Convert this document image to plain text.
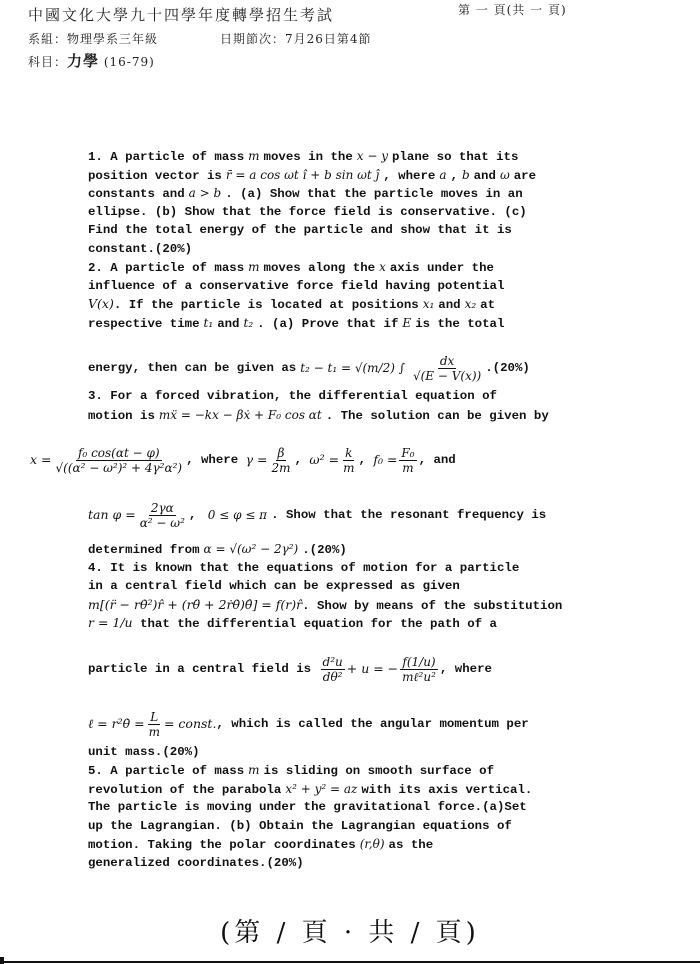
中國文化大學九十四學年度轉學招生考試	第 一 頁(共 一 頁)
系組：物理學系三年級	日期節次：7月26日第4節
科目：力學 (16-79)
1. A particle of mass m moves in the x − y plane so that its
position vector is r̄ = a cos ωt î + b sin ωt ĵ , where a , b and ω are
constants and a > b . (a) Show that the particle moves in an
ellipse. (b) Show that the force field is conservative. (c)
Find the total energy of the particle and show that it is
constant.(20%)
2. A particle of mass m moves along the x axis under the
influence of a conservative force field having potential
V(x). If the particle is located at positions x₁ and x₂ at
respective time t₁ and t₂ . (a) Prove that if E is the total
energy, then can be given as t₂ − t₁ = √(m/2) ∫ $\frac{dx}{√(E - V(x))} .(20\%)$
3. For a forced vibration, the differential equation of
motion is mẍ = −kx − βẋ + F₀ cos αt . The solution can be given by
$x = \frac{\text{f₀ cos(αt − φ)}}{\text{√((α² − ω²)² + 4γ²α²)}}$ , where
$\gamma = \frac{\beta}{2m}$ , $\omega^2 = \frac{k}{m}$ , $f_0 = \frac{\text{F₀}}{m}$ , and
$\tan \varphi = \frac{2\gamma\alpha}{\text{α² − ω²}}$ , 0 ≤ φ ≤ π . Show that the resonant frequency is
determined from α = √(ω² − 2γ²) .(20%)
4. It is known that the equations of motion for a particle
in a central field which can be expressed as given
m[(r̈ − rθ̇²)r̂ + (rθ̈ + 2ṙθ̇)θ̂] = f(r)r̂. Show by means of the substitution
r = 1/u that the differential equation for the path of a
particle in a central field is
$\frac{\text{d²u}}{\text{dθ²}} + u$ = − $\frac{f(1/u)}{\text{mℓ²u²}}$ , where
ℓ = r²θ̇ = $\frac{L}{m}$ = const. , which is called the angular momentum per
unit mass.(20%)
5. A particle of mass m is sliding on smooth surface of
revolution of the parabola x² + y² = az with its axis vertical.
The particle is moving under the gravitational force.(a)Set
up the Lagrangian. (b) Obtain the Lagrangian equations of
motion. Taking the polar coordinates (r,θ) as the
generalized coordinates.(20%)
(第 / 頁 · 共 / 頁)
